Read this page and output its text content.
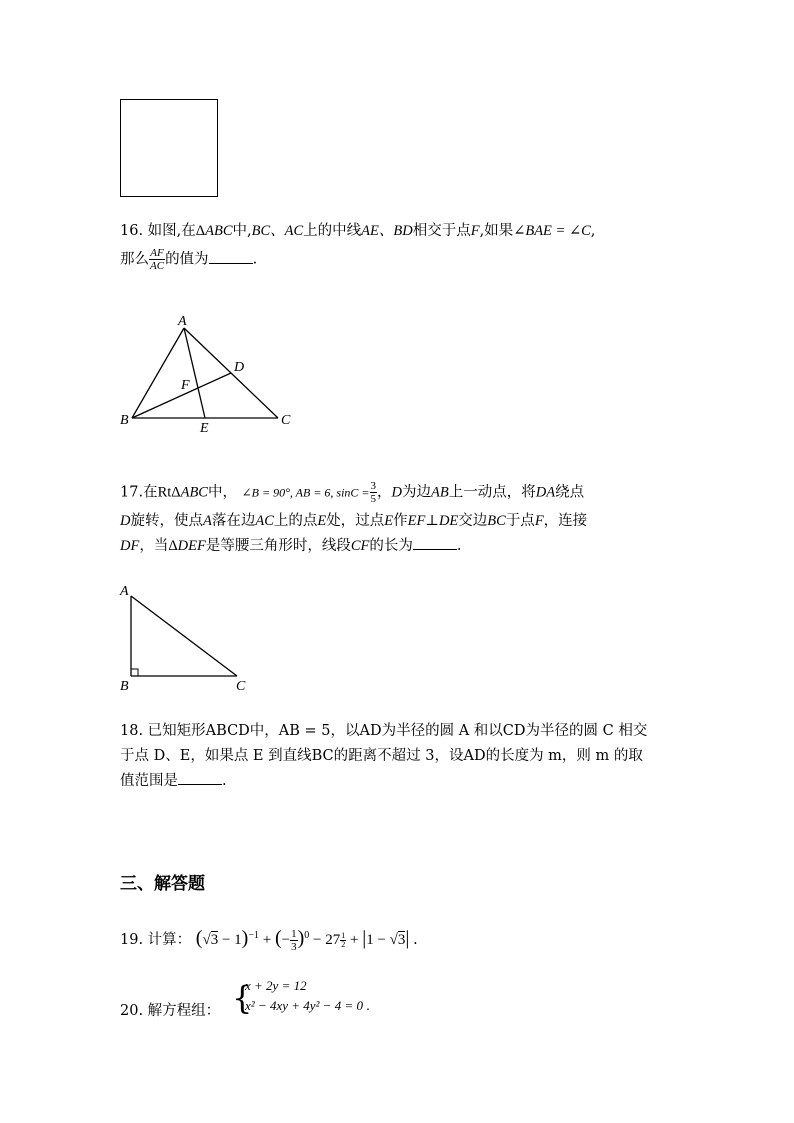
16. 如图,在ΔABC中,BC、AC上的中线AE、BD相交于点F,如果∠BAE = ∠C,
那么 $\frac{AF}{AC}$ 的值为	.
A
B	C
D
E
F
17.在RtΔABC中， ∠B = 90°, AB = 6, $\sin C = \frac{3}{5}$ ，D为边AB上一动点，将DA绕点
D旋转，使点A落在边AC上的点E处，过点E作EF⊥DE交边BC于点F，连接
DF，当ΔDEF是等腰三角形时，线段CF的长为	.
A
B	C
18. 已知矩形ABCD中，AB = 5，以AD为半径的圆 A 和以CD为半径的圆 C 相交
于点 D、E，如果点 E 到直线BC的距离不超过 3，设AD的长度为 m，则 m 的取
值范围是	.
三、解答题
19. 计算： $(√3 - 1)^{-1}$ + (− $\frac{1}{3} )^0 - 27 \frac{1}{2} + |1 - √3|$ .
20. 解方程组： {
x + 2y = 12
x² − 4xy + 4y² − 4 = 0 .
